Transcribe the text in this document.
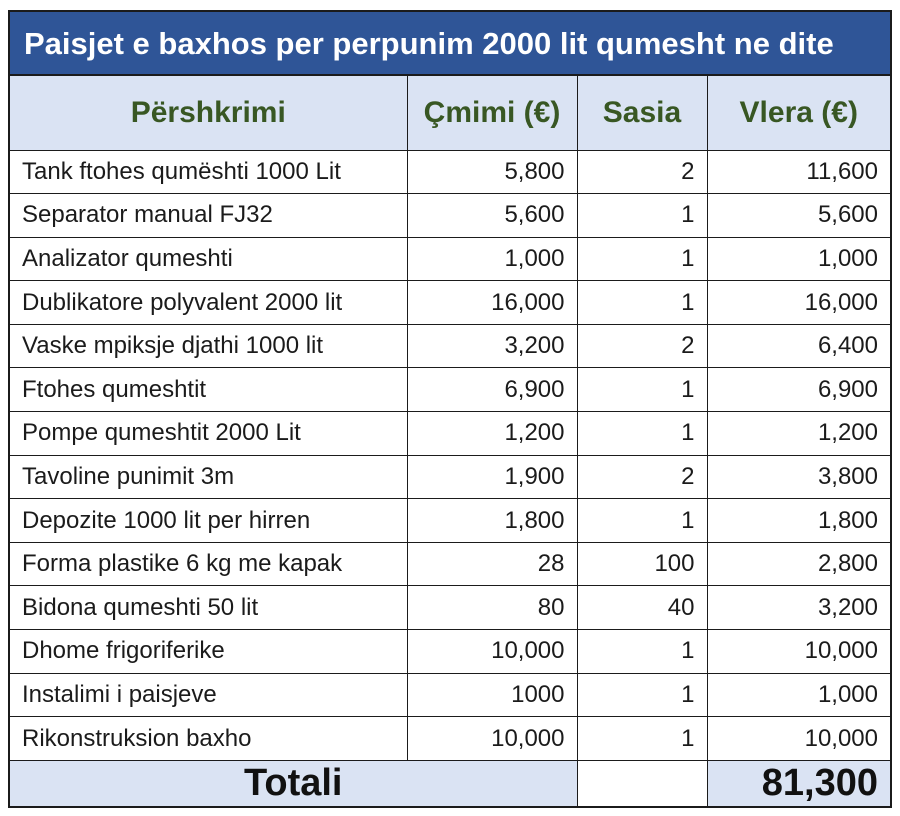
Paisjet e baxhos per perpunim 2000 lit qumesht ne dite
Përshkrimi	Çmimi (€)	Sasia	Vlera (€)
Tank ftohes qumështi 1000 Lit	5,800	2	11,600
Separator manual FJ32	5,600	1	5,600
Analizator qumeshti	1,000	1	1,000
Dublikatore polyvalent 2000 lit	16,000	1	16,000
Vaske mpiksje djathi 1000 lit	3,200	2	6,400
Ftohes qumeshtit	6,900	1	6,900
Pompe qumeshtit 2000 Lit	1,200	1	1,200
Tavoline punimit 3m	1,900	2	3,800
Depozite 1000 lit per hirren	1,800	1	1,800
Forma plastike 6 kg me kapak	28	100	2,800
Bidona qumeshti 50 lit	80	40	3,200
Dhome frigoriferike	10,000	1	10,000
Instalimi i paisjeve	1000	1	1,000
Rikonstruksion baxho	10,000	1	10,000
Totali			81,300
